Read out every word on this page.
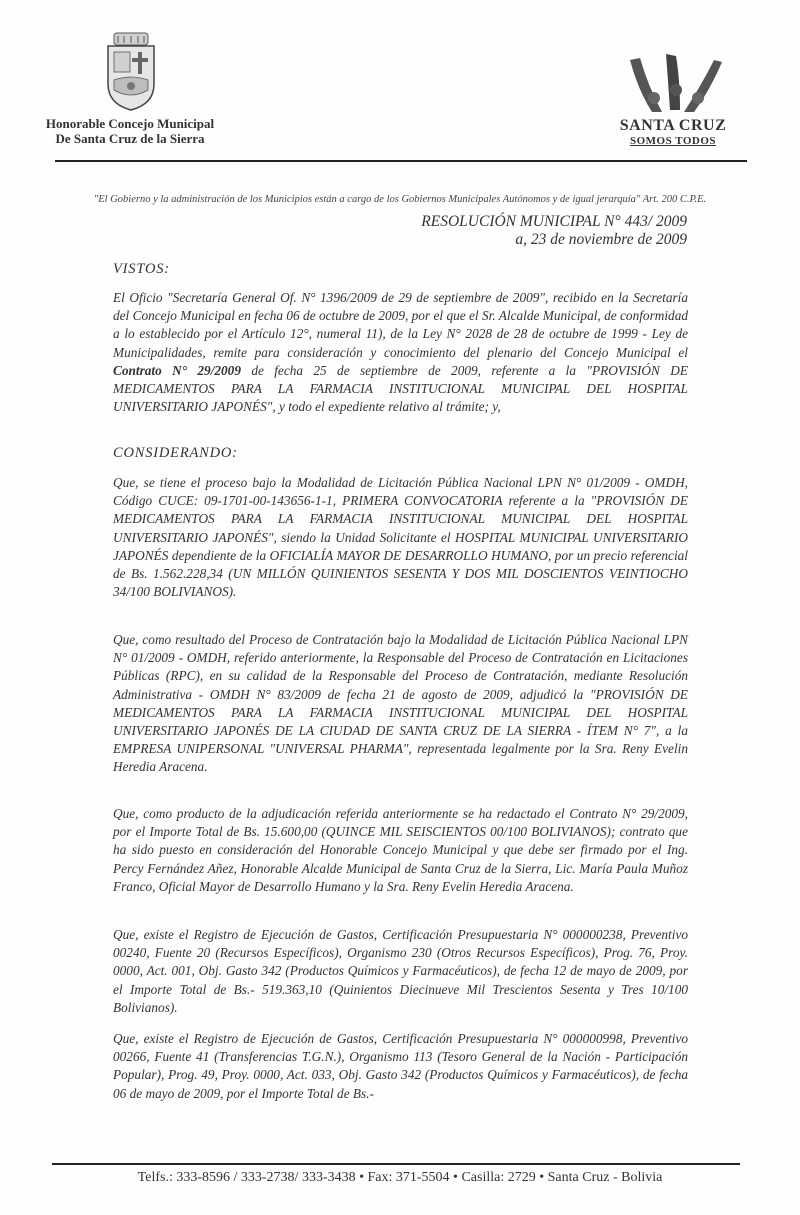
Honorable Concejo Municipal
De Santa Cruz de la Sierra
SANTA CRUZ
SOMOS TODOS
"El Gobierno y la administración de los Municipios están a cargo de los Gobiernos Municipales Autónomos y de igual jerarquía" Art. 200 C.P.E.
RESOLUCIÓN MUNICIPAL N° 443/ 2009
a, 23 de noviembre de 2009
VISTOS:
El Oficio "Secretaría General Of. N° 1396/2009 de 29 de septiembre de 2009", recibido en la Secretaría del Concejo Municipal en fecha 06 de octubre de 2009, por el que el Sr. Alcalde Municipal, de conformidad a lo establecido por el Artículo 12°, numeral 11), de la Ley N° 2028 de 28 de octubre de 1999 - Ley de Municipalidades, remite para consideración y conocimiento del plenario del Concejo Municipal el Contrato N° 29/2009 de fecha 25 de septiembre de 2009, referente a la "PROVISIÓN DE MEDICAMENTOS PARA LA FARMACIA INSTITUCIONAL MUNICIPAL DEL HOSPITAL UNIVERSITARIO JAPONÉS", y todo el expediente relativo al trámite; y,
CONSIDERANDO:
Que, se tiene el proceso bajo la Modalidad de Licitación Pública Nacional LPN N° 01/2009 - OMDH, Código CUCE: 09-1701-00-143656-1-1, PRIMERA CONVOCATORIA referente a la "PROVISIÓN DE MEDICAMENTOS PARA LA FARMACIA INSTITUCIONAL MUNICIPAL DEL HOSPITAL UNIVERSITARIO JAPONÉS", siendo la Unidad Solicitante el HOSPITAL MUNICIPAL UNIVERSITARIO JAPONÉS dependiente de la OFICIALÍA MAYOR DE DESARROLLO HUMANO, por un precio referencial de Bs. 1.562.228,34 (UN MILLÓN QUINIENTOS SESENTA Y DOS MIL DOSCIENTOS VEINTIOCHO 34/100 BOLIVIANOS).
Que, como resultado del Proceso de Contratación bajo la Modalidad de Licitación Pública Nacional LPN N° 01/2009 - OMDH, referido anteriormente, la Responsable del Proceso de Contratación en Licitaciones Públicas (RPC), en su calidad de la Responsable del Proceso de Contratación, mediante Resolución Administrativa - OMDH N° 83/2009 de fecha 21 de agosto de 2009, adjudicó la "PROVISIÓN DE MEDICAMENTOS PARA LA FARMACIA INSTITUCIONAL MUNICIPAL DEL HOSPITAL UNIVERSITARIO JAPONÉS DE LA CIUDAD DE SANTA CRUZ DE LA SIERRA - ÍTEM N° 7", a la EMPRESA UNIPERSONAL "UNIVERSAL PHARMA", representada legalmente por la Sra. Reny Evelin Heredia Aracena.
Que, como producto de la adjudicación referida anteriormente se ha redactado el Contrato N° 29/2009, por el Importe Total de Bs. 15.600,00 (QUINCE MIL SEISCIENTOS 00/100 BOLIVIANOS); contrato que ha sido puesto en consideración del Honorable Concejo Municipal y que debe ser firmado por el Ing. Percy Fernández Añez, Honorable Alcalde Municipal de Santa Cruz de la Sierra, Lic. María Paula Muñoz Franco, Oficial Mayor de Desarrollo Humano y la Sra. Reny Evelin Heredia Aracena.
Que, existe el Registro de Ejecución de Gastos, Certificación Presupuestaria N° 000000238, Preventivo 00240, Fuente 20 (Recursos Específicos), Organismo 230 (Otros Recursos Específicos), Prog. 76, Proy. 0000, Act. 001, Obj. Gasto 342 (Productos Químicos y Farmacéuticos), de fecha 12 de mayo de 2009, por el Importe Total de Bs.- 519.363,10 (Quinientos Diecinueve Mil Trescientos Sesenta y Tres 10/100 Bolivianos).
Que, existe el Registro de Ejecución de Gastos, Certificación Presupuestaria N° 000000998, Preventivo 00266, Fuente 41 (Transferencias T.G.N.), Organismo 113 (Tesoro General de la Nación - Participación Popular), Prog. 49, Proy. 0000, Act. 033, Obj. Gasto 342 (Productos Químicos y Farmacéuticos), de fecha 06 de mayo de 2009, por el Importe Total de Bs.-
Telfs.: 333-8596 / 333-2738/ 333-3438 • Fax: 371-5504 • Casilla: 2729 • Santa Cruz - Bolivia
